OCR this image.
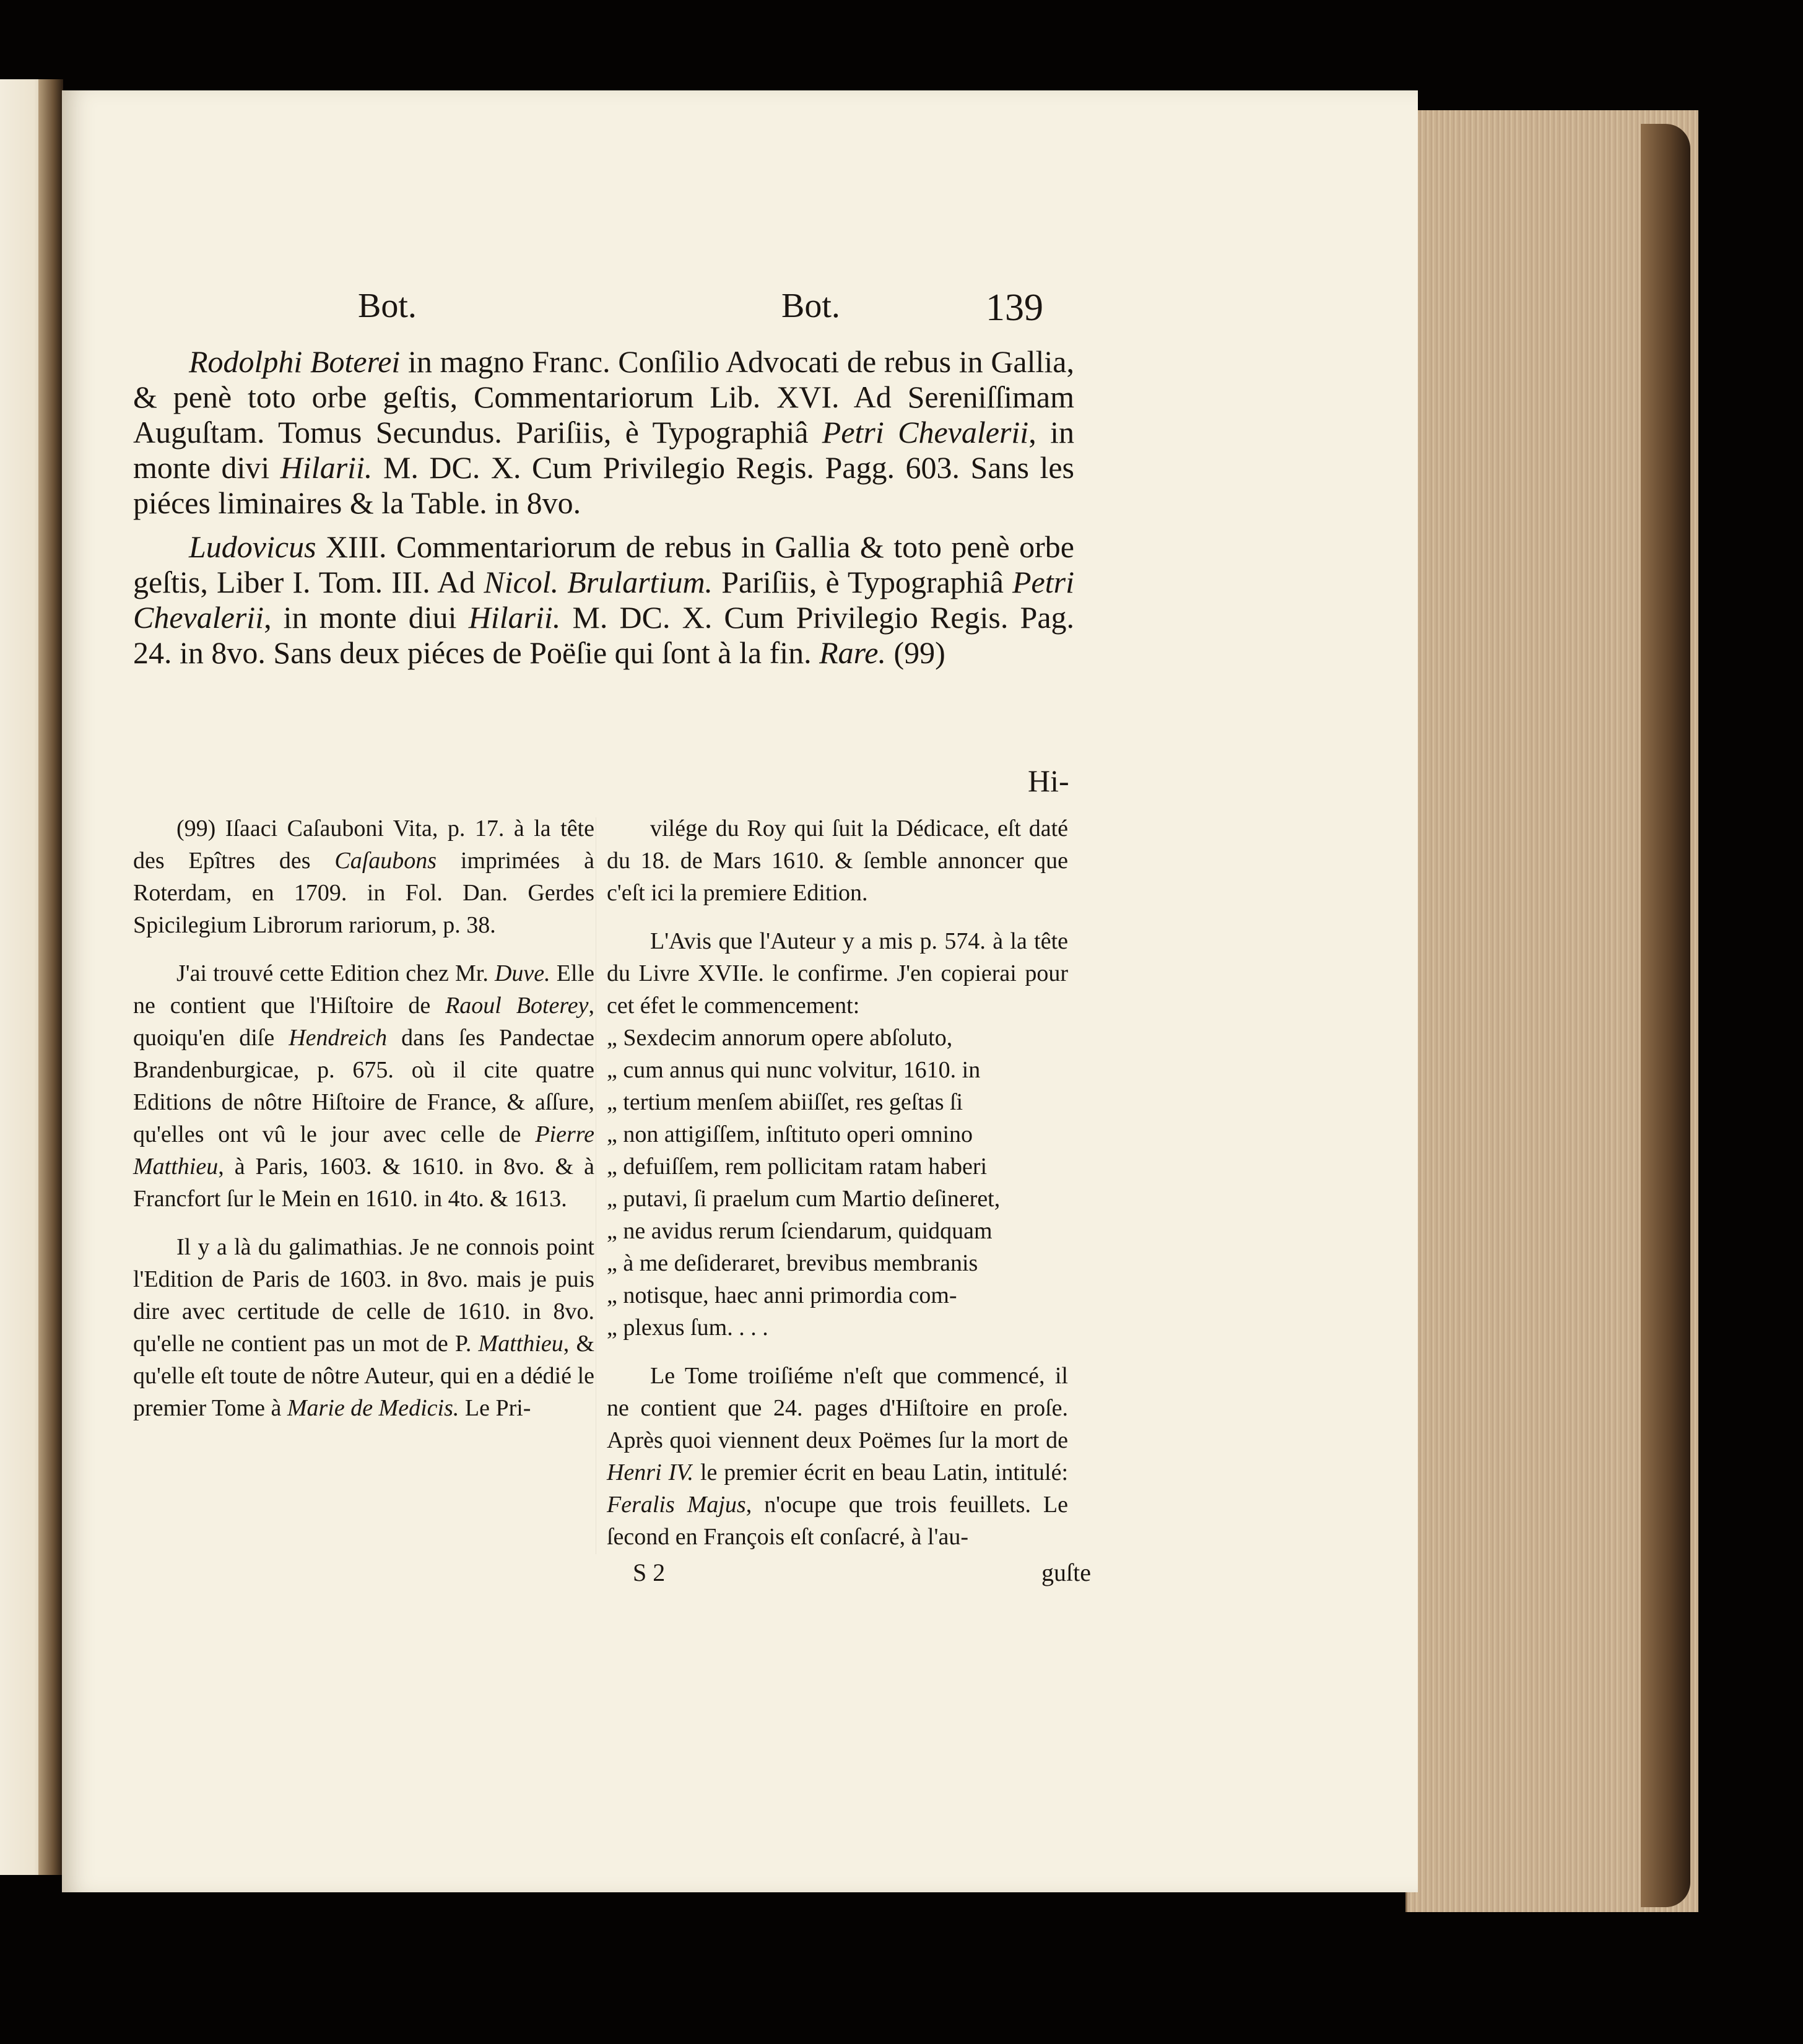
Bot.	Bot.	139

Rodolphi Boterei in magno Franc. Conſilio Advocati de rebus in Gallia, & penè toto orbe geſtis, Commentariorum Lib. XVI. Ad Sereniſſimam Auguſtam. Tomus Secundus. Pariſiis, è Typographiâ Petri Chevalerii, in monte divi Hilarii. M. DC. X. Cum Privilegio Regis. Pagg. 603. Sans les piéces liminaires & la Table. in 8vo.

Ludovicus XIII. Commentariorum de rebus in Gallia & toto penè orbe geſtis, Liber I. Tom. III. Ad Nicol. Brulartium. Pariſiis, è Typographiâ Petri Chevalerii, in monte diui Hilarii. M. DC. X. Cum Privilegio Regis. Pag. 24. in 8vo. Sans deux piéces de Poëſie qui ſont à la fin. Rare. (99)

Hi-

(99) Iſaaci Caſauboni Vita, p. 17. à la tête des Epîtres des Caſaubons imprimées à Roterdam, en 1709. in Fol. Dan. Gerdes Spicilegium Librorum rariorum, p. 38.

J'ai trouvé cette Edition chez Mr. Duve. Elle ne contient que l'Hiſtoire de Raoul Boterey, quoiqu'en diſe Hendreich dans ſes Pandectae Brandenburgicae, p. 675. où il cite quatre Editions de nôtre Hiſtoire de France, & aſſure, qu'elles ont vû le jour avec celle de Pierre Matthieu, à Paris, 1603. & 1610. in 8vo. & à Francfort ſur le Mein en 1610. in 4to. & 1613.

Il y a là du galimathias. Je ne connois point l'Edition de Paris de 1603. in 8vo. mais je puis dire avec certitude de celle de 1610. in 8vo. qu'elle ne contient pas un mot de P. Matthieu, & qu'elle eſt toute de nôtre Auteur, qui en a dédié le premier Tome à Marie de Medicis. Le Pri-

vilége du Roy qui ſuit la Dédicace, eſt daté du 18. de Mars 1610. & ſemble annoncer que c'eſt ici la premiere Edition.

L'Avis que l'Auteur y a mis p. 574. à la tête du Livre XVIIe. le confirme. J'en copierai pour cet éfet le commencement:

„ Sexdecim annorum opere abſoluto,

„ cum annus qui nunc volvitur, 1610. in

„ tertium menſem abiiſſet, res geſtas ſi

„ non attigiſſem, inſtituto operi omnino

„ defuiſſem, rem pollicitam ratam haberi

„ putavi, ſi praelum cum Martio deſineret,

„ ne avidus rerum ſciendarum, quidquam

„ à me deſideraret, brevibus membranis

„ notisque, haec anni primordia com-

„ plexus ſum. . . .

Le Tome troiſiéme n'eſt que commencé, il ne contient que 24. pages d'Hiſtoire en proſe. Après quoi viennent deux Poëmes ſur la mort de Henri IV. le premier écrit en beau Latin, intitulé: Feralis Majus, n'ocupe que trois feuillets. Le ſecond en François eſt conſacré, à l'au-

S 2	guſte
